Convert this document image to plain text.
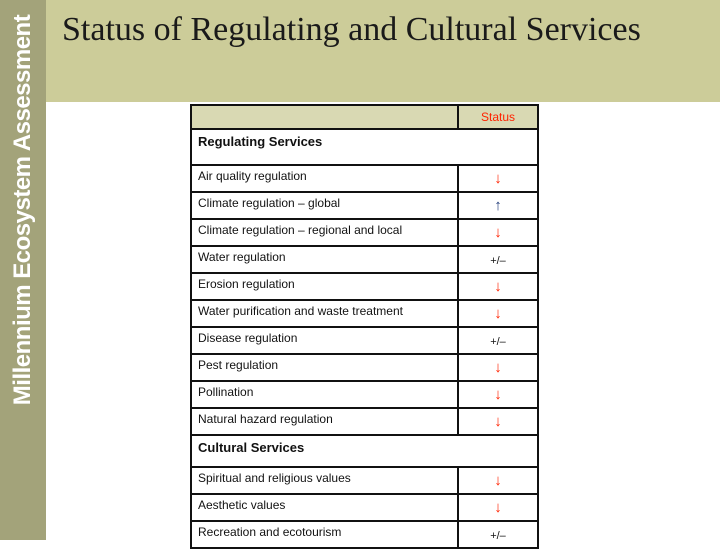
Millennium Ecosystem Assessment Status of Regulating and Cultural Services
	Status
Regulating Services	
Air quality regulation	↓
Climate regulation – global	↑
Climate regulation – regional and local	↓
Water regulation	+/–
Erosion regulation	↓
Water purification and waste treatment	↓
Disease regulation	+/–
Pest regulation	↓
Pollination	↓
Natural hazard regulation	↓
Cultural Services	
Spiritual and religious values	↓
Aesthetic values	↓
Recreation and ecotourism	+/–
